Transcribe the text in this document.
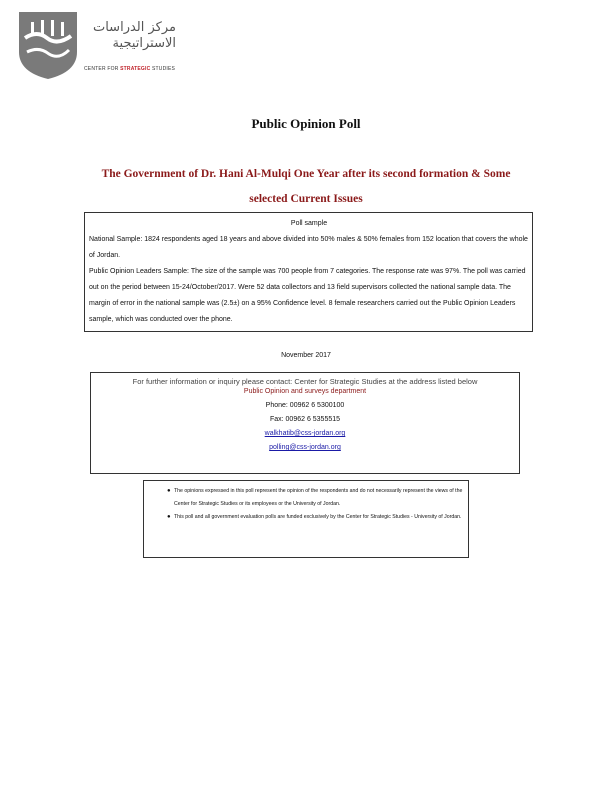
مركز الدراسات
الاستراتيجية
CENTER FOR STRATEGIC STUDIES
Public Opinion Poll
The Government of Dr. Hani Al-Mulqi One Year after its second formation & Some
selected Current Issues
Poll sample

National Sample: 1824 respondents aged 18 years and above divided into 50% males & 50% females from 152 location that covers the whole of Jordan.

Public Opinion Leaders Sample: The size of the sample was 700 people from 7 categories. The response rate was 97%. The poll was carried out on the period between 15-24/October/2017. Were 52 data collectors and 13 field supervisors collected the national sample data. The margin of error in the national sample was (2.5±) on a 95% Confidence level. 8 female researchers carried out the Public Opinion Leaders sample, which was conducted over the phone.

November 2017
For further information or inquiry please contact: Center for Strategic Studies at the address listed below
Public Opinion and surveys department
Phone: 00962 6 5300100
Fax: 00962 6 5355515
walkhatib@css-jordan.org
polling@css-jordan.org
● The opinions expressed in this poll represent the opinion of the respondents and do not necessarily represent the views of the Center for Strategic Studies or its employees or the University of Jordan.
● This poll and all government evaluation polls are funded exclusively by the Center for Strategic Studies - University of Jordan.
